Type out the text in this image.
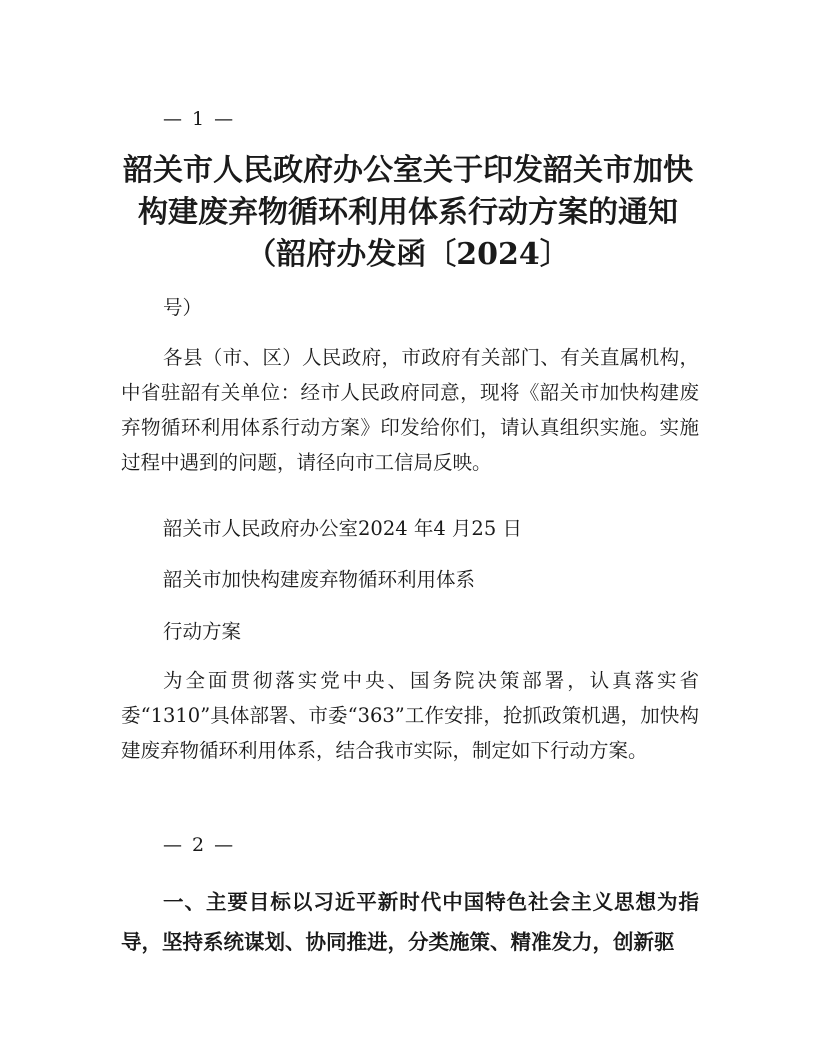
— 1 —
韶关市人民政府办公室关于印发韶关市加快
构建废弃物循环利用体系行动方案的通知
（韶府办发函〔2024〕
号）
各县（市、区）人民政府，市政府有关部门、有关直属机构，中省驻韶有关单位：经市人民政府同意，现将《韶关市加快构建废弃物循环利用体系行动方案》印发给你们，请认真组织实施。实施过程中遇到的问题，请径向市工信局反映。
韶关市人民政府办公室2024 年4 月25 日
韶关市加快构建废弃物循环利用体系
行动方案
为全面贯彻落实党中央、国务院决策部署，认真落实省委“1310”具体部署、市委“363”工作安排，抢抓政策机遇，加快构建废弃物循环利用体系，结合我市实际，制定如下行动方案。
— 2 —
一、主要目标以习近平新时代中国特色社会主义思想为指导，坚持系统谋划、协同推进，分类施策、精准发力，创新驱
